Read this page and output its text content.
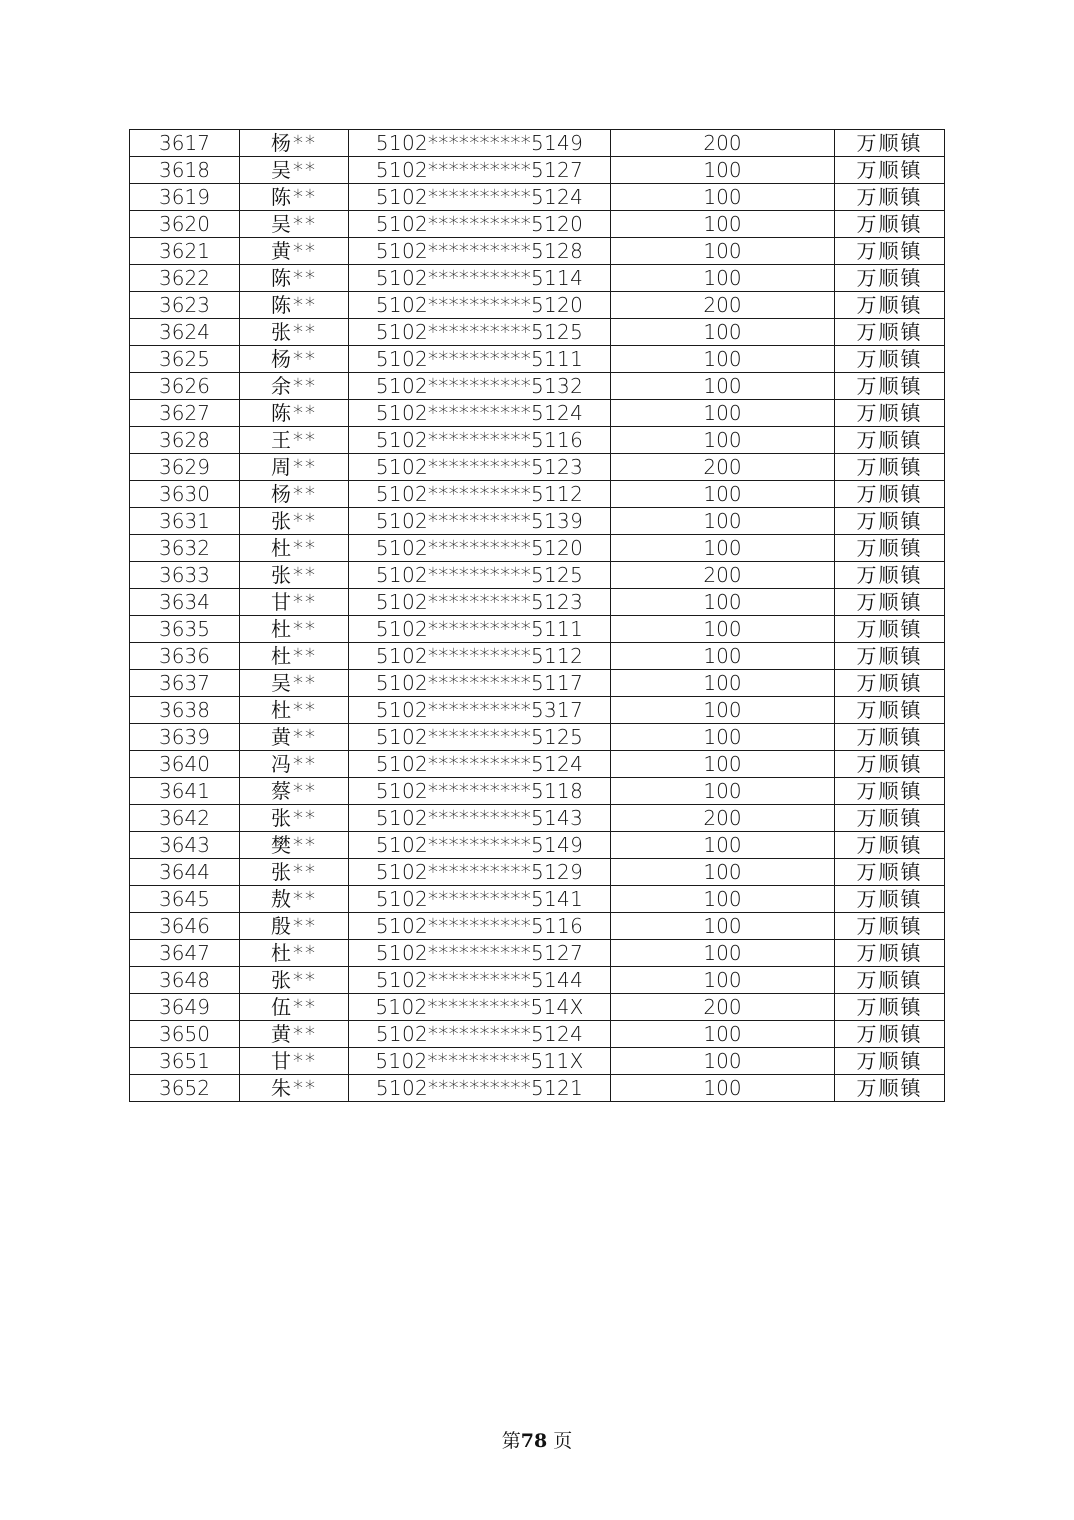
3617	杨**	5102**********5149	200	万顺镇
3618	吴**	5102**********5127	100	万顺镇
3619	陈**	5102**********5124	100	万顺镇
3620	吴**	5102**********5120	100	万顺镇
3621	黄**	5102**********5128	100	万顺镇
3622	陈**	5102**********5114	100	万顺镇
3623	陈**	5102**********5120	200	万顺镇
3624	张**	5102**********5125	100	万顺镇
3625	杨**	5102**********5111	100	万顺镇
3626	余**	5102**********5132	100	万顺镇
3627	陈**	5102**********5124	100	万顺镇
3628	王**	5102**********5116	100	万顺镇
3629	周**	5102**********5123	200	万顺镇
3630	杨**	5102**********5112	100	万顺镇
3631	张**	5102**********5139	100	万顺镇
3632	杜**	5102**********5120	100	万顺镇
3633	张**	5102**********5125	200	万顺镇
3634	甘**	5102**********5123	100	万顺镇
3635	杜**	5102**********5111	100	万顺镇
3636	杜**	5102**********5112	100	万顺镇
3637	吴**	5102**********5117	100	万顺镇
3638	杜**	5102**********5317	100	万顺镇
3639	黄**	5102**********5125	100	万顺镇
3640	冯**	5102**********5124	100	万顺镇
3641	蔡**	5102**********5118	100	万顺镇
3642	张**	5102**********5143	200	万顺镇
3643	樊**	5102**********5149	100	万顺镇
3644	张**	5102**********5129	100	万顺镇
3645	敖**	5102**********5141	100	万顺镇
3646	殷**	5102**********5116	100	万顺镇
3647	杜**	5102**********5127	100	万顺镇
3648	张**	5102**********5144	100	万顺镇
3649	伍**	5102**********514X	200	万顺镇
3650	黄**	5102**********5124	100	万顺镇
3651	甘**	5102**********511X	100	万顺镇
3652	朱**	5102**********5121	100	万顺镇
第78 页
